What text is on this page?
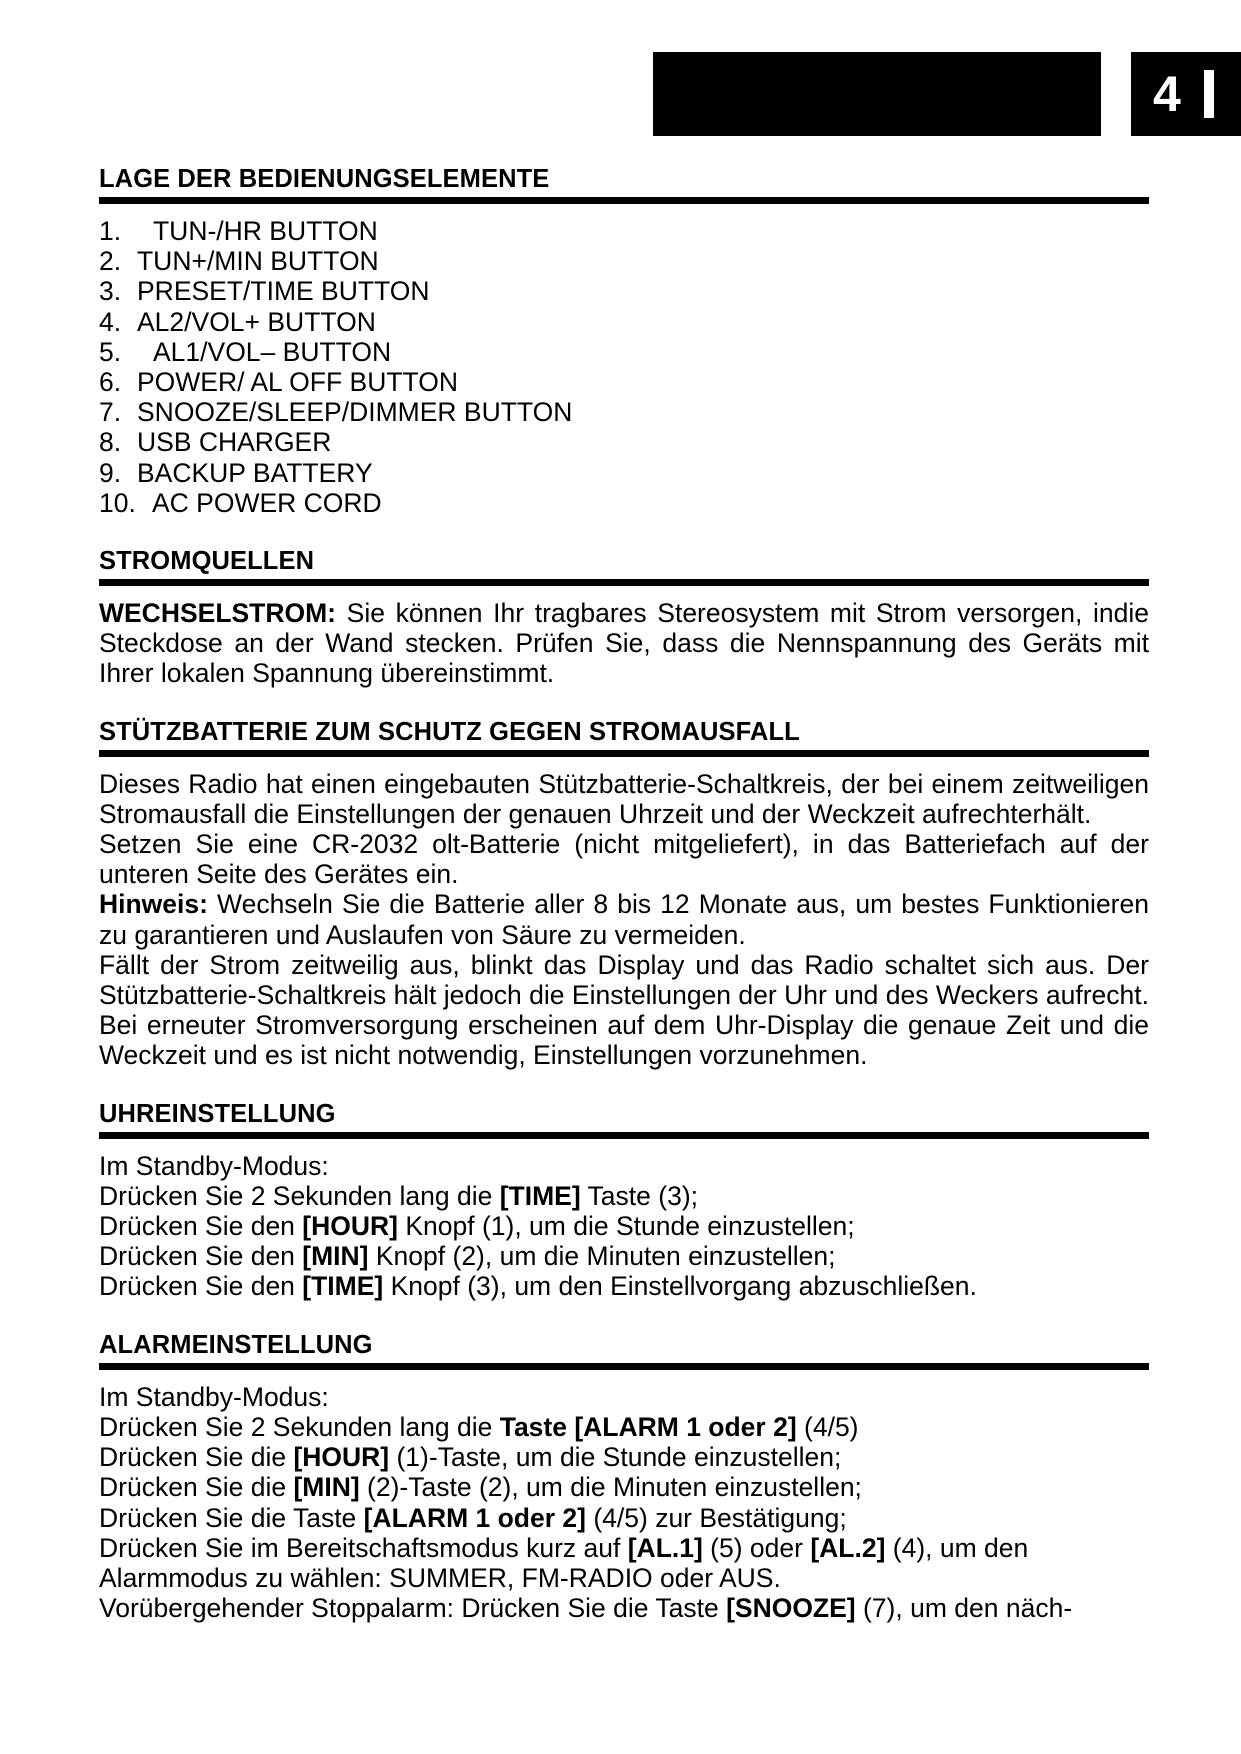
4
LAGE DER BEDIENUNGSELEMENTE
1.	TUN-/HR BUTTON
2. TUN+/MIN BUTTON
3. PRESET/TIME BUTTON
4. AL2/VOL+ BUTTON
5.	AL1/VOL– BUTTON
6. POWER/ AL OFF BUTTON
7. SNOOZE/SLEEP/DIMMER BUTTON
8. USB CHARGER
9. BACKUP BATTERY
10. AC POWER CORD
STROMQUELLEN

WECHSELSTROM: Sie können Ihr tragbares Stereosystem mit Strom versorgen, indie Steckdose an der Wand stecken. Prüfen Sie, dass die Nennspannung des Geräts mit Ihrer lokalen Spannung übereinstimmt.

STÜTZBATTERIE ZUM SCHUTZ GEGEN STROMAUSFALL

Dieses Radio hat einen eingebauten Stützbatterie-Schaltkreis, der bei einem zeitweiligen Stromausfall die Einstellungen der genauen Uhrzeit und der Weckzeit aufrechterhält.

Setzen Sie eine CR-2032 olt-Batterie (nicht mitgeliefert), in das Batteriefach auf der unteren Seite des Gerätes ein.

Hinweis: Wechseln Sie die Batterie aller 8 bis 12 Monate aus, um bestes Funktionieren zu garantieren und Auslaufen von Säure zu vermeiden.

Fällt der Strom zeitweilig aus, blinkt das Display und das Radio schaltet sich aus. Der Stützbatterie-Schaltkreis hält jedoch die Einstellungen der Uhr und des Weckers aufrecht. Bei erneuter Stromversorgung erscheinen auf dem Uhr-Display die genaue Zeit und die Weckzeit und es ist nicht notwendig, Einstellungen vorzunehmen.

UHREINSTELLUNG

Im Standby-Modus:

Drücken Sie 2 Sekunden lang die [TIME] Taste (3);

Drücken Sie den [HOUR] Knopf (1), um die Stunde einzustellen;

Drücken Sie den [MIN] Knopf (2), um die Minuten einzustellen;

Drücken Sie den [TIME] Knopf (3), um den Einstellvorgang abzuschließen.

ALARMEINSTELLUNG

Im Standby-Modus:

Drücken Sie 2 Sekunden lang die Taste [ALARM 1 oder 2] (4/5)

Drücken Sie die [HOUR] (1)-Taste, um die Stunde einzustellen;

Drücken Sie die [MIN] (2)-Taste (2), um die Minuten einzustellen;

Drücken Sie die Taste [ALARM 1 oder 2] (4/5) zur Bestätigung;

Drücken Sie im Bereitschaftsmodus kurz auf [AL.1] (5) oder [AL.2] (4), um den Alarmmodus zu wählen: SUMMER, FM-RADIO oder AUS.

Vorübergehender Stoppalarm: Drücken Sie die Taste [SNOOZE] (7), um den näch-
